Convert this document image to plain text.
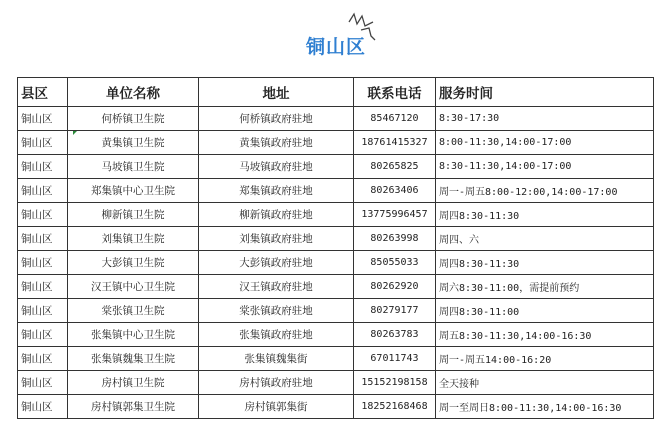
铜山区
县区	单位名称	地址	联系电话	服务时间
铜山区	何桥镇卫生院	何桥镇政府驻地	85467120	8:30-17:30
铜山区	黄集镇卫生院	黄集镇政府驻地	18761415327	8:00-11:30,14:00-17:00
铜山区	马坡镇卫生院	马坡镇政府驻地	80265825	8:30-11:30,14:00-17:00
铜山区	郑集镇中心卫生院	郑集镇政府驻地	80263406	周一-周五8:00-12:00,14:00-17:00
铜山区	柳新镇卫生院	柳新镇政府驻地	13775996457	周四8:30-11:30
铜山区	刘集镇卫生院	刘集镇政府驻地	80263998	周四、六
铜山区	大彭镇卫生院	大彭镇政府驻地	85055033	周四8:30-11:30
铜山区	汉王镇中心卫生院	汉王镇政府驻地	80262920	周六8:30-11:00，需提前预约
铜山区	棠张镇卫生院	棠张镇政府驻地	80279177	周四8:30-11:00
铜山区	张集镇中心卫生院	张集镇政府驻地	80263783	周五8:30-11:30,14:00-16:30
铜山区	张集镇魏集卫生院	张集镇魏集街	67011743	周一-周五14:00-16:20
铜山区	房村镇卫生院	房村镇政府驻地	15152198158	全天接种
铜山区	房村镇郭集卫生院	房村镇郭集街	18252168468	周一至周日8:00-11:30,14:00-16:30
